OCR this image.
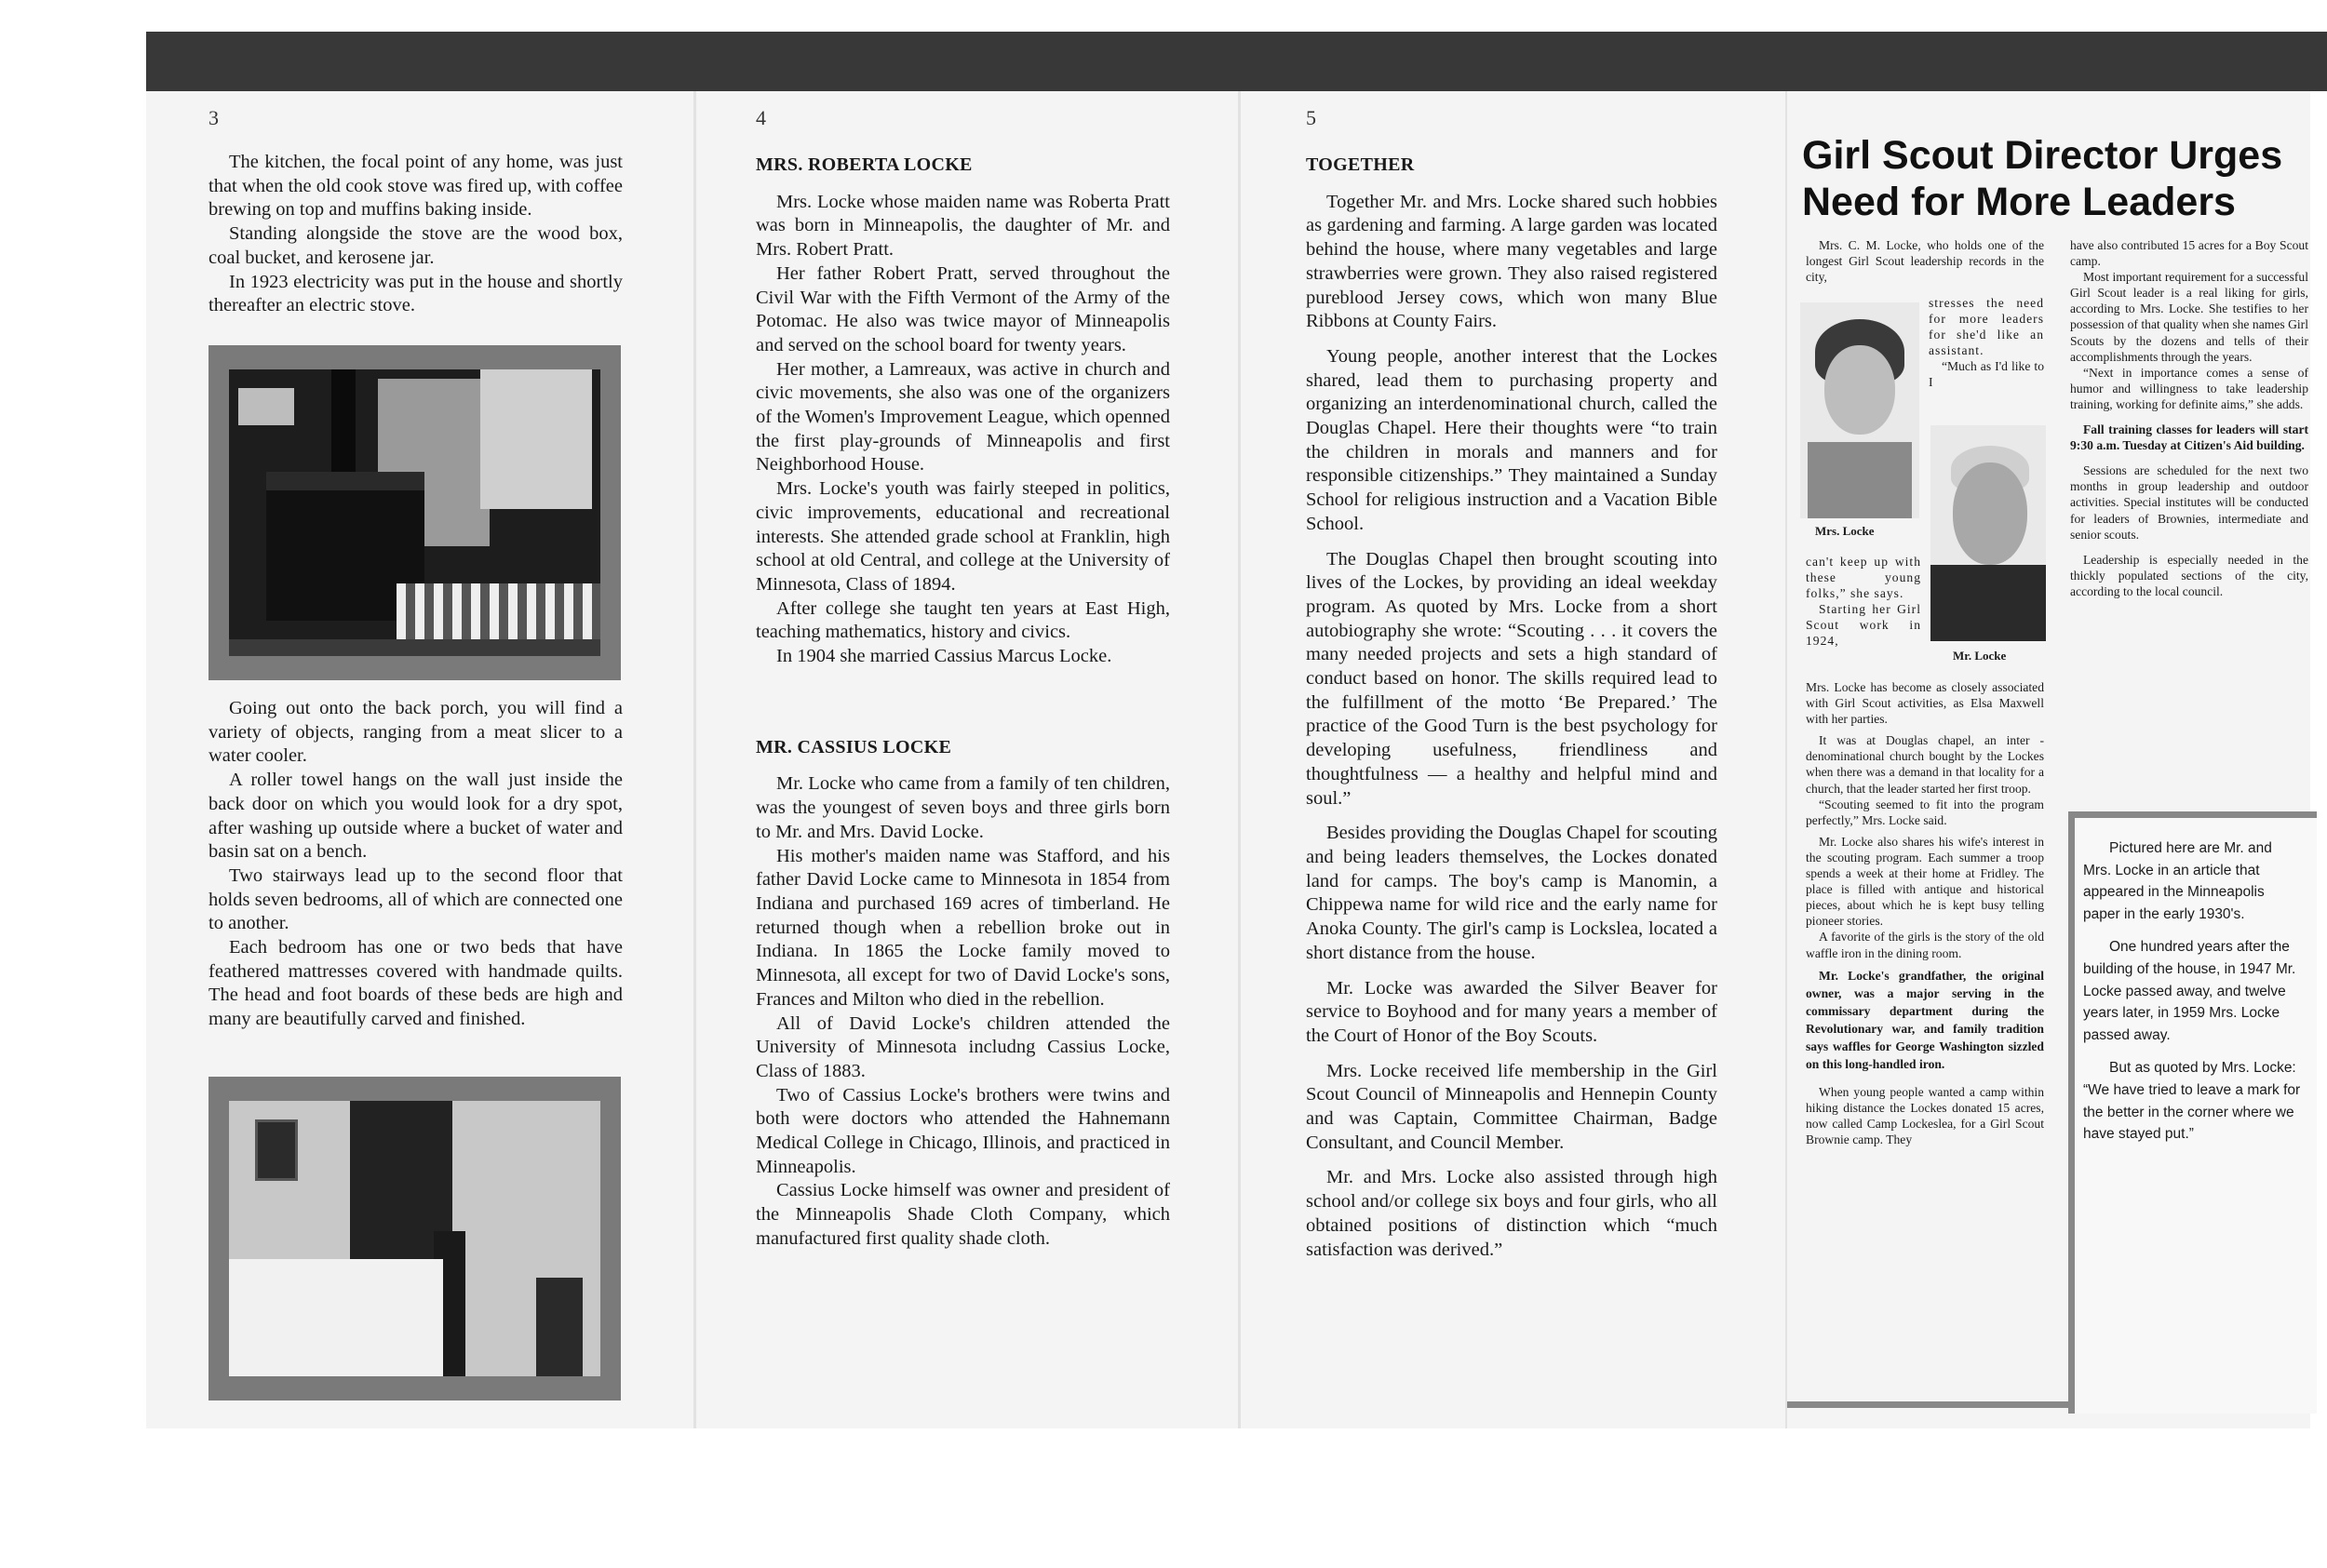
3	4	5

The kitchen, the focal point of any home, was just that when the old cook stove was fired up, with coffee brewing on top and muffins baking inside.

Standing alongside the stove are the wood box, coal bucket, and kerosene jar.

In 1923 electricity was put in the house and shortly thereafter an electric stove.

Going out onto the back porch, you will find a variety of objects, ranging from a meat slicer to a water cooler.

A roller towel hangs on the wall just inside the back door on which you would look for a dry spot, after washing up outside where a bucket of water and basin sat on a bench.

Two stairways lead up to the second floor that holds seven bedrooms, all of which are connected one to another.

Each bedroom has one or two beds that have feathered mattresses covered with handmade quilts. The head and foot boards of these beds are high and many are beautifully carved and finished.

MRS. ROBERTA LOCKE

Mrs. Locke whose maiden name was Roberta Pratt was born in Minneapolis, the daughter of Mr. and Mrs. Robert Pratt.

Her father Robert Pratt, served throughout the Civil War with the Fifth Vermont of the Army of the Potomac. He also was twice mayor of Minneapolis and served on the school board for twenty years.

Her mother, a Lamreaux, was active in church and civic movements, she also was one of the organizers of the Women's Improvement League, which openned the first play-grounds of Minneapolis and first Neighborhood House.

Mrs. Locke's youth was fairly steeped in politics, civic improvements, educational and recreational interests. She attended grade school at Franklin, high school at old Central, and college at the University of Minnesota, Class of 1894.

After college she taught ten years at East High, teaching mathematics, history and civics.

In 1904 she married Cassius Marcus Locke.

MR. CASSIUS LOCKE

Mr. Locke who came from a family of ten children, was the youngest of seven boys and three girls born to Mr. and Mrs. David Locke.

His mother's maiden name was Stafford, and his father David Locke came to Minnesota in 1854 from Indiana and purchased 169 acres of timberland. He returned though when a rebellion broke out in Indiana. In 1865 the Locke family moved to Minnesota, all except for two of David Locke's sons, Frances and Milton who died in the rebellion.

All of David Locke's children attended the University of Minnesota includng Cassius Locke, Class of 1883.

Two of Cassius Locke's brothers were twins and both were doctors who attended the Hahnemann Medical College in Chicago, Illinois, and practiced in Minneapolis.

Cassius Locke himself was owner and president of the Minneapolis Shade Cloth Company, which manufactured first quality shade cloth.

TOGETHER

Together Mr. and Mrs. Locke shared such hobbies as gardening and farming. A large garden was located behind the house, where many vegetables and large strawberries were grown. They also raised registered pureblood Jersey cows, which won many Blue Ribbons at County Fairs.

Young people, another interest that the Lockes shared, lead them to purchasing property and organizing an interdenominational church, called the Douglas Chapel. Here their thoughts were “to train the children in morals and manners and for responsible citizenships.” They maintained a Sunday School for religious instruction and a Vacation Bible School.

The Douglas Chapel then brought scouting into lives of the Lockes, by providing an ideal weekday program. As quoted by Mrs. Locke from a short autobiography she wrote: “Scouting . . . it covers the many needed projects and sets a high standard of conduct based on honor. The skills required lead to the fulfillment of the motto ‘Be Prepared.’ The practice of the Good Turn is the best psychology for developing usefulness, friendliness and thoughtfulness — a healthy and helpful mind and soul.”

Besides providing the Douglas Chapel for scouting and being leaders themselves, the Lockes donated land for camps. The boy's camp is Manomin, a Chippewa name for wild rice and the early name for Anoka County. The girl's camp is Lockslea, located a short distance from the house.

Mr. Locke was awarded the Silver Beaver for service to Boyhood and for many years a member of the Court of Honor of the Boy Scouts.

Mrs. Locke received life membership in the Girl Scout Council of Minneapolis and Hennepin County and was Captain, Committee Chairman, Badge Consultant, and Council Member.

Mr. and Mrs. Locke also assisted through high school and/or college six boys and four girls, who all obtained positions of distinction which “much satisfaction was derived.”

Girl Scout Director Urges Need for More Leaders

Mrs. C. M. Locke, who holds one of the longest Girl Scout leadership records in the city,

Mrs. Locke

stresses the need for more leaders for she'd like an assistant.

“Much as I'd like to I

Mr. Locke

can't keep up with these young folks,” she says.

Starting her Girl Scout work in 1924,

Mrs. Locke has become as closely associated with Girl Scout activities, as Elsa Maxwell with her parties.

It was at Douglas chapel, an inter - denominational church bought by the Lockes when there was a demand in that locality for a church, that the leader started her first troop.

“Scouting seemed to fit into the program perfectly,” Mrs. Locke said.

Mr. Locke also shares his wife's interest in the scouting program. Each summer a troop spends a week at their home at Fridley. The place is filled with antique and historical pieces, about which he is kept busy telling pioneer stories.

A favorite of the girls is the story of the old waffle iron in the dining room.

Mr. Locke's grandfather, the original owner, was a major serving in the commissary department during the Revolutionary war, and family tradition says waffles for George Washington sizzled on this long-handled iron.

When young people wanted a camp within hiking distance the Lockes donated 15 acres, now called Camp Lockeslea, for a Girl Scout Brownie camp. They

have also contributed 15 acres for a Boy Scout camp.

Most important requirement for a successful Girl Scout leader is a real liking for girls, according to Mrs. Locke. She testifies to her possession of that quality when she names Girl Scouts by the dozens and tells of their accomplishments through the years.

“Next in importance comes a sense of humor and willingness to take leadership training, working for definite aims,” she adds.

Fall training classes for leaders will start 9:30 a.m. Tuesday at Citizen's Aid building.

Sessions are scheduled for the next two months in group leadership and outdoor activities. Special institutes will be conducted for leaders of Brownies, intermediate and senior scouts.

Leadership is especially needed in the thickly populated sections of the city, according to the local council.

Pictured here are Mr. and Mrs. Locke in an article that appeared in the Minneapolis paper in the early 1930's.

One hundred years after the building of the house, in 1947 Mr. Locke passed away, and twelve years later, in 1959 Mrs. Locke passed away.

But as quoted by Mrs. Locke: “We have tried to leave a mark for the better in the corner where we have stayed put.”
